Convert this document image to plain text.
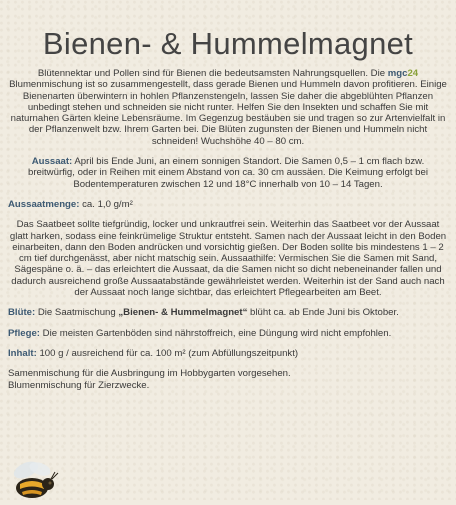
Bienen- & Hummelmagnet

Blütennektar und Pollen sind für Bienen die bedeutsamsten Nahrungsquellen. Die mgc24 Blumenmischung ist so zusammengestellt, dass gerade Bienen und Hummeln davon profitieren. Einige Bienenarten überwintern in hohlen Pflanzenstengeln, lassen Sie daher die abgeblühten Pflanzen unbedingt stehen und schneiden sie nicht runter. Helfen Sie den Insekten und schaffen Sie mit naturnahen Gärten kleine Lebensräume. Im Gegenzug bestäuben sie und tragen so zur Artenvielfalt in der Pflanzenwelt bzw. Ihrem Garten bei. Die Blüten zugunsten der Bienen und Hummeln nicht schneiden! Wuchshöhe 40 – 80 cm.

Aussaat: April bis Ende Juni, an einem sonnigen Standort. Die Samen 0,5 – 1 cm flach bzw. breitwürfig, oder in Reihen mit einem Abstand von ca. 30 cm aussäen. Die Keimung erfolgt bei Bodentemperaturen zwischen 12 und 18°C innerhalb von 10 – 14 Tagen.

Aussaatmenge: ca. 1,0 g/m²

Das Saatbeet sollte tiefgründig, locker und unkrautfrei sein. Weiterhin das Saatbeet vor der Aussaat glatt harken, sodass eine feinkrümelige Struktur entsteht. Samen nach der Aussaat leicht in den Boden einarbeiten, dann den Boden andrücken und vorsichtig gießen. Der Boden sollte bis mindestens 1 – 2 cm tief durchgenässt, aber nicht matschig sein. Aussaathilfe: Vermischen Sie die Samen mit Sand, Sägespäne o. ä. – das erleichtert die Aussaat, da die Samen nicht so dicht nebeneinander fallen und dadurch ausreichend große Aussaatabstände gewährleistet werden. Weiterhin ist der Sand auch nach der Aussaat noch lange sichtbar, das erleichtert Pflegearbeiten am Beet.

Blüte: Die Saatmischung „Bienen- & Hummelmagnet“ blüht ca. ab Ende Juni bis Oktober.

Pflege: Die meisten Gartenböden sind nährstoffreich, eine Düngung wird nicht empfohlen.

Inhalt: 100 g / ausreichend für ca. 100 m² (zum Abfüllungszeitpunkt)

Samenmischung für die Ausbringung im Hobbygarten vorgesehen.
Blumenmischung für Zierzwecke.
